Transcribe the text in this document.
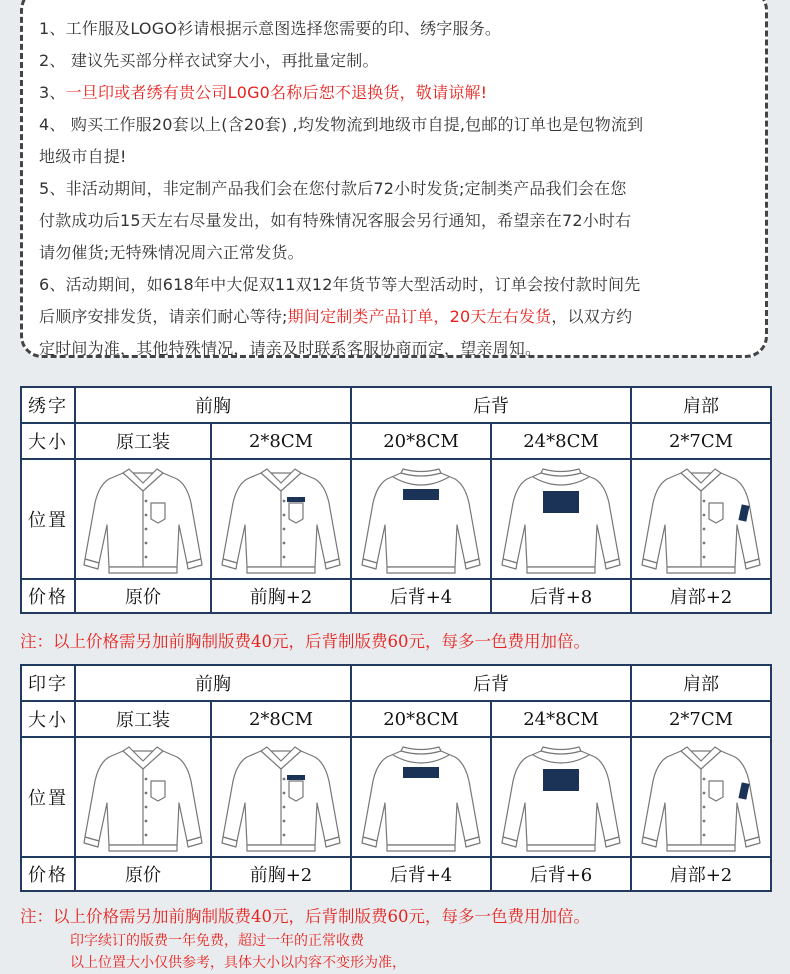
1、工作服及LOGO衫请根据示意图选择您需要的印、绣字服务。
2、 建议先买部分样衣试穿大小，再批量定制。
3、一旦印或者绣有贵公司L0G0名称后恕不退换货，敬请谅解!
4、 购买工作服20套以上(含20套) ,均发物流到地级市自提,包邮的订单也是包物流到
地级市自提!
5、非活动期间，非定制产品我们会在您付款后72小时发货;定制类产品我们会在您
付款成功后15天左右尽量发出，如有特殊情况客服会另行通知，希望亲在72小时右
请勿催货;无特殊情况周六正常发货。
6、活动期间，如618年中大促双11双12年货节等大型活动时，订单会按付款时间先
后顺序安排发货，请亲们耐心等待;期间定制类产品订单，20天左右发货，以双方约
定时间为准，其他特殊情况，请亲及时联系客服协商而定，望亲周知。
绣字	前胸		后背		肩部
大小	原工装	2*8CM	20*8CM	24*8CM	2*7CM
位置	

价格	原价	前胸+2	后背+4	后背+8	肩部+2
注：以上价格需另加前胸制版费40元，后背制版费60元，每多一色费用加倍。
印字	前胸		后背		肩部
大小	原工装	2*8CM	20*8CM	24*8CM	2*7CM
位置	

价格	原价	前胸+2	后背+4	后背+6	肩部+2
注：以上价格需另加前胸制版费40元，后背制版费60元，每多一色费用加倍。
印字续订的版费一年免费，超过一年的正常收费
以上位置大小仅供参考，具体大小以内容不变形为准，
